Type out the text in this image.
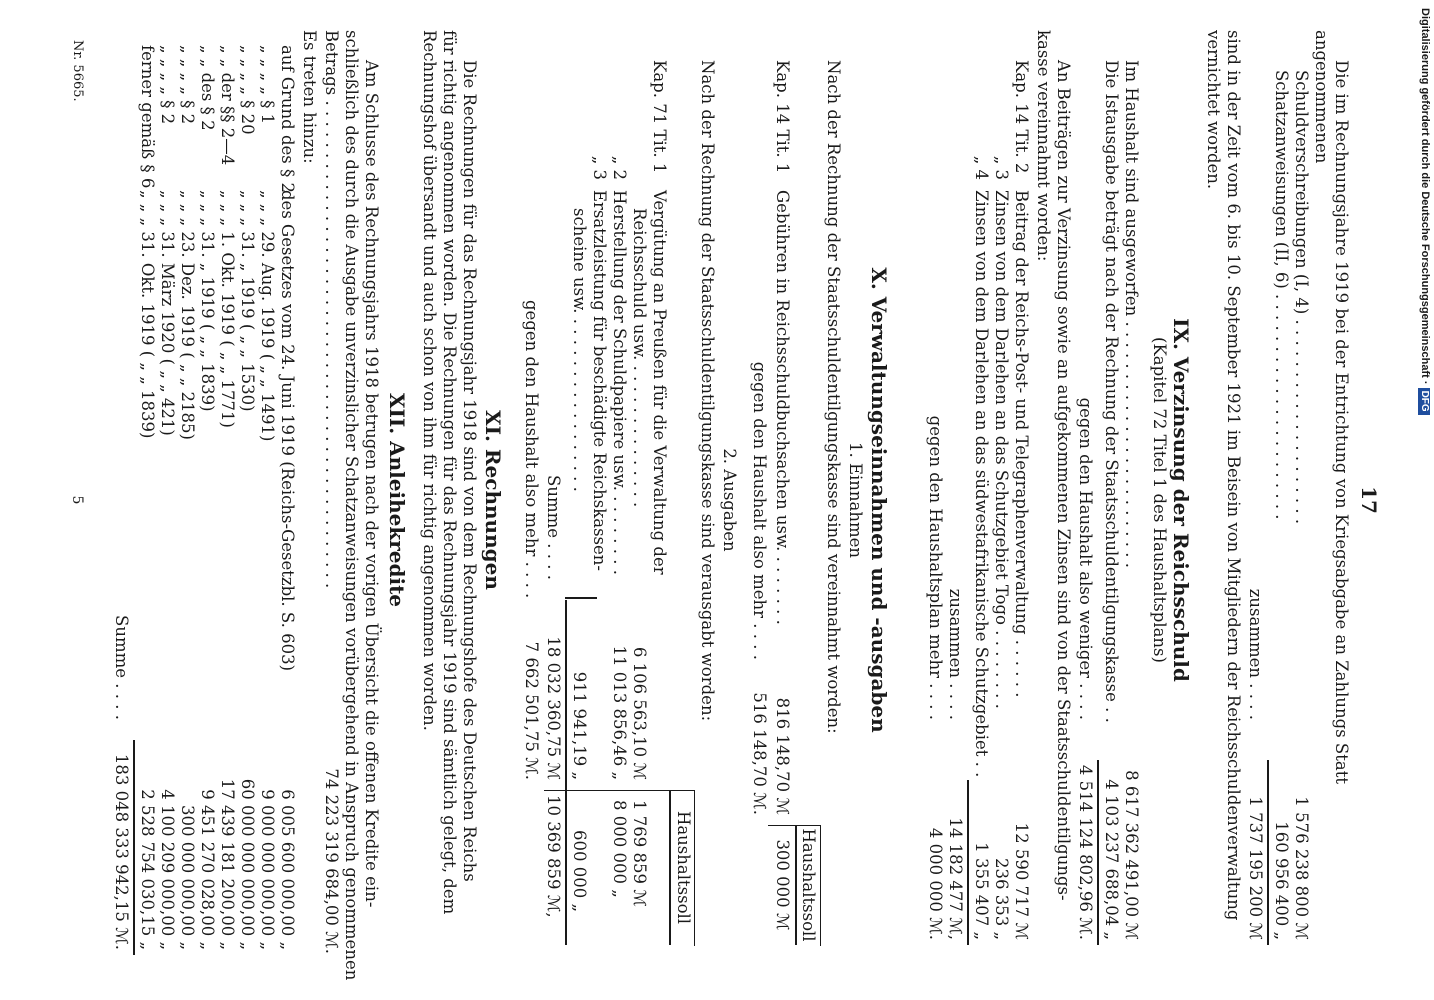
17
Die im Rechnungsjahre 1919 bei der Entrichtung von Kriegsabgabe an Zahlungs Statt
angenommenen
Schuldverschreibungen (I, 4) . . . . . . . . . . . . . . . . . . . .
1 576 238 800 ℳ
Schatzanweisungen (II, 6) . . . . . . . . . . . . . . . . . . . . . .
160 956 400 „
zusammen . . . .
1 737 195 200 ℳ
sind in der Zeit vom 6. bis 10. September 1921 im Beisein von Mitgliedern der Reichsschuldenverwaltung
vernichtet worden.
IX. Verzinsung der Reichsschuld
(Kapitel 72 Titel 1 des Haushaltsplans)
Im Haushalt sind ausgeworfen . . . . . . . . . . . . . . . . . . . . . . . .
8 617 362 491,00 ℳ
Die Istausgabe beträgt nach der Rechnung der Staatsschuldentilgungskasse . .
4 103 237 688,04 „
gegen den Haushalt also weniger . . . .
4 514 124 802,96 ℳ.
An Beiträgen zur Verzinsung sowie an aufgekommenen Zinsen sind von der Staatsschuldentilgungs-
kasse vereinnahmt worden:
Kap. 14 Tit. 2
Beitrag der Reichs-Post- und Telegraphenverwaltung . . . . . .
12 590 717 ℳ
„ 3
Zinsen von dem Darlehen an das Schutzgebiet Togo . . . . . . . .
236 353 „
„ 4
Zinsen von dem Darlehen an das südwestafrikanische Schutzgebiet . .
1 355 407 „
zusammen . . . .
14 182 477 ℳ,
gegen den Haushaltsplan mehr . . . .
4 000 000 ℳ.
X. Verwaltungseinnahmen und -ausgaben
1. Einnahmen
Nach der Rechnung der Staatsschuldentilgungskasse sind vereinnahmt worden:
Haushaltssoll
300 000 ℳ
Kap. 14 Tit. 1
Gebühren in Reichsschuldbuchsachen usw. . . . . . . .
816 148,70 ℳ
gegen den Haushalt also mehr . . . .
516 148,70 ℳ.
2. Ausgaben
Nach der Rechnung der Staatsschuldentilgungskasse sind verausgabt worden:
Haushaltssoll
Kap. 71 Tit. 1
Vergütung an Preußen für die Verwaltung der
Reichsschuld usw. . . . . . . . . . . . . . .
6 106 563,10 ℳ
1 769 859 ℳ
„ 2
Herstellung der Schuldpapiere usw. . . . . . . . .
11 013 856,46 „
8 000 000 „
„ 3
Ersatzleistung für beschädigte Reichskassen-
scheine usw. . . . . . . . . . . . . . . . . .
911 941,19 „
600 000 „
Summe . . . .
18 032 360,75 ℳ
10 369 859 ℳ,
gegen den Haushalt also mehr . . . .
7 662 501,75 ℳ.
XI. Rechnungen
Die Rechnungen für das Rechnungsjahr 1918 sind von dem Rechnungshofe des Deutschen Reichs
für richtig angenommen worden. Die Rechnungen für das Rechnungsjahr 1919 sind sämtlich gelegt, dem
Rechnungshof übersandt und auch schon von ihm für richtig angenommen worden.
XII. Anleihekredite
Am Schlusse des Rechnungsjahrs 1918 betrugen nach der vorigen Übersicht die offenen Kredite ein-
schließlich des durch die Ausgabe unverzinslicher Schatzanweisungen vorübergehend in Anspruch genommenen
Betrags . . . . . . . . . . . . . . . . . . . . . . . . . . . . . . . . . . . . . . . . . . . . . . .
74 223 319 684,00 ℳ.
Es treten hinzu:
auf Grund des § 2
des Gesetzes vom 24. Juni 1919 (Reichs-Gesetzbl. S. 603)
6 005 600 000,00 „
„ „ „ „ § 1
„ „ „ 29. Aug. 1919 ( „ „ 1491)
9 000 000 000,00 „
„ „ „ „ § 20
„ „ „ 31. „ 1919 ( „ „ 1530)
60 000 000 000,00 „
„ „ der §§ 2—4
„ „ „ 1. Okt. 1919 ( „ „ 1771)
17 439 181 200,00 „
„ „ des § 2
„ „ „ 31. „ 1919 ( „ „ 1839)
9 451 270 028,00 „
„ „ „ „ § 2
„ „ „ 23. Dez. 1919 ( „ „ 2185)
300 000 000,00 „
„ „ „ „ § 2
„ „ „ 31. März 1920 ( „ „ 421)
4 100 209 000,00 „
ferner gemäß § 6
„ „ „ 31. Okt. 1919 ( „ „ 1839)
2 528 754 030,15 „
Summe . . . .
183 048 333 942,15 ℳ.
Nr. 5665.
5
Digitalisierung gefördert durch die Deutsche Forschungsgemeinschaft · DFG
